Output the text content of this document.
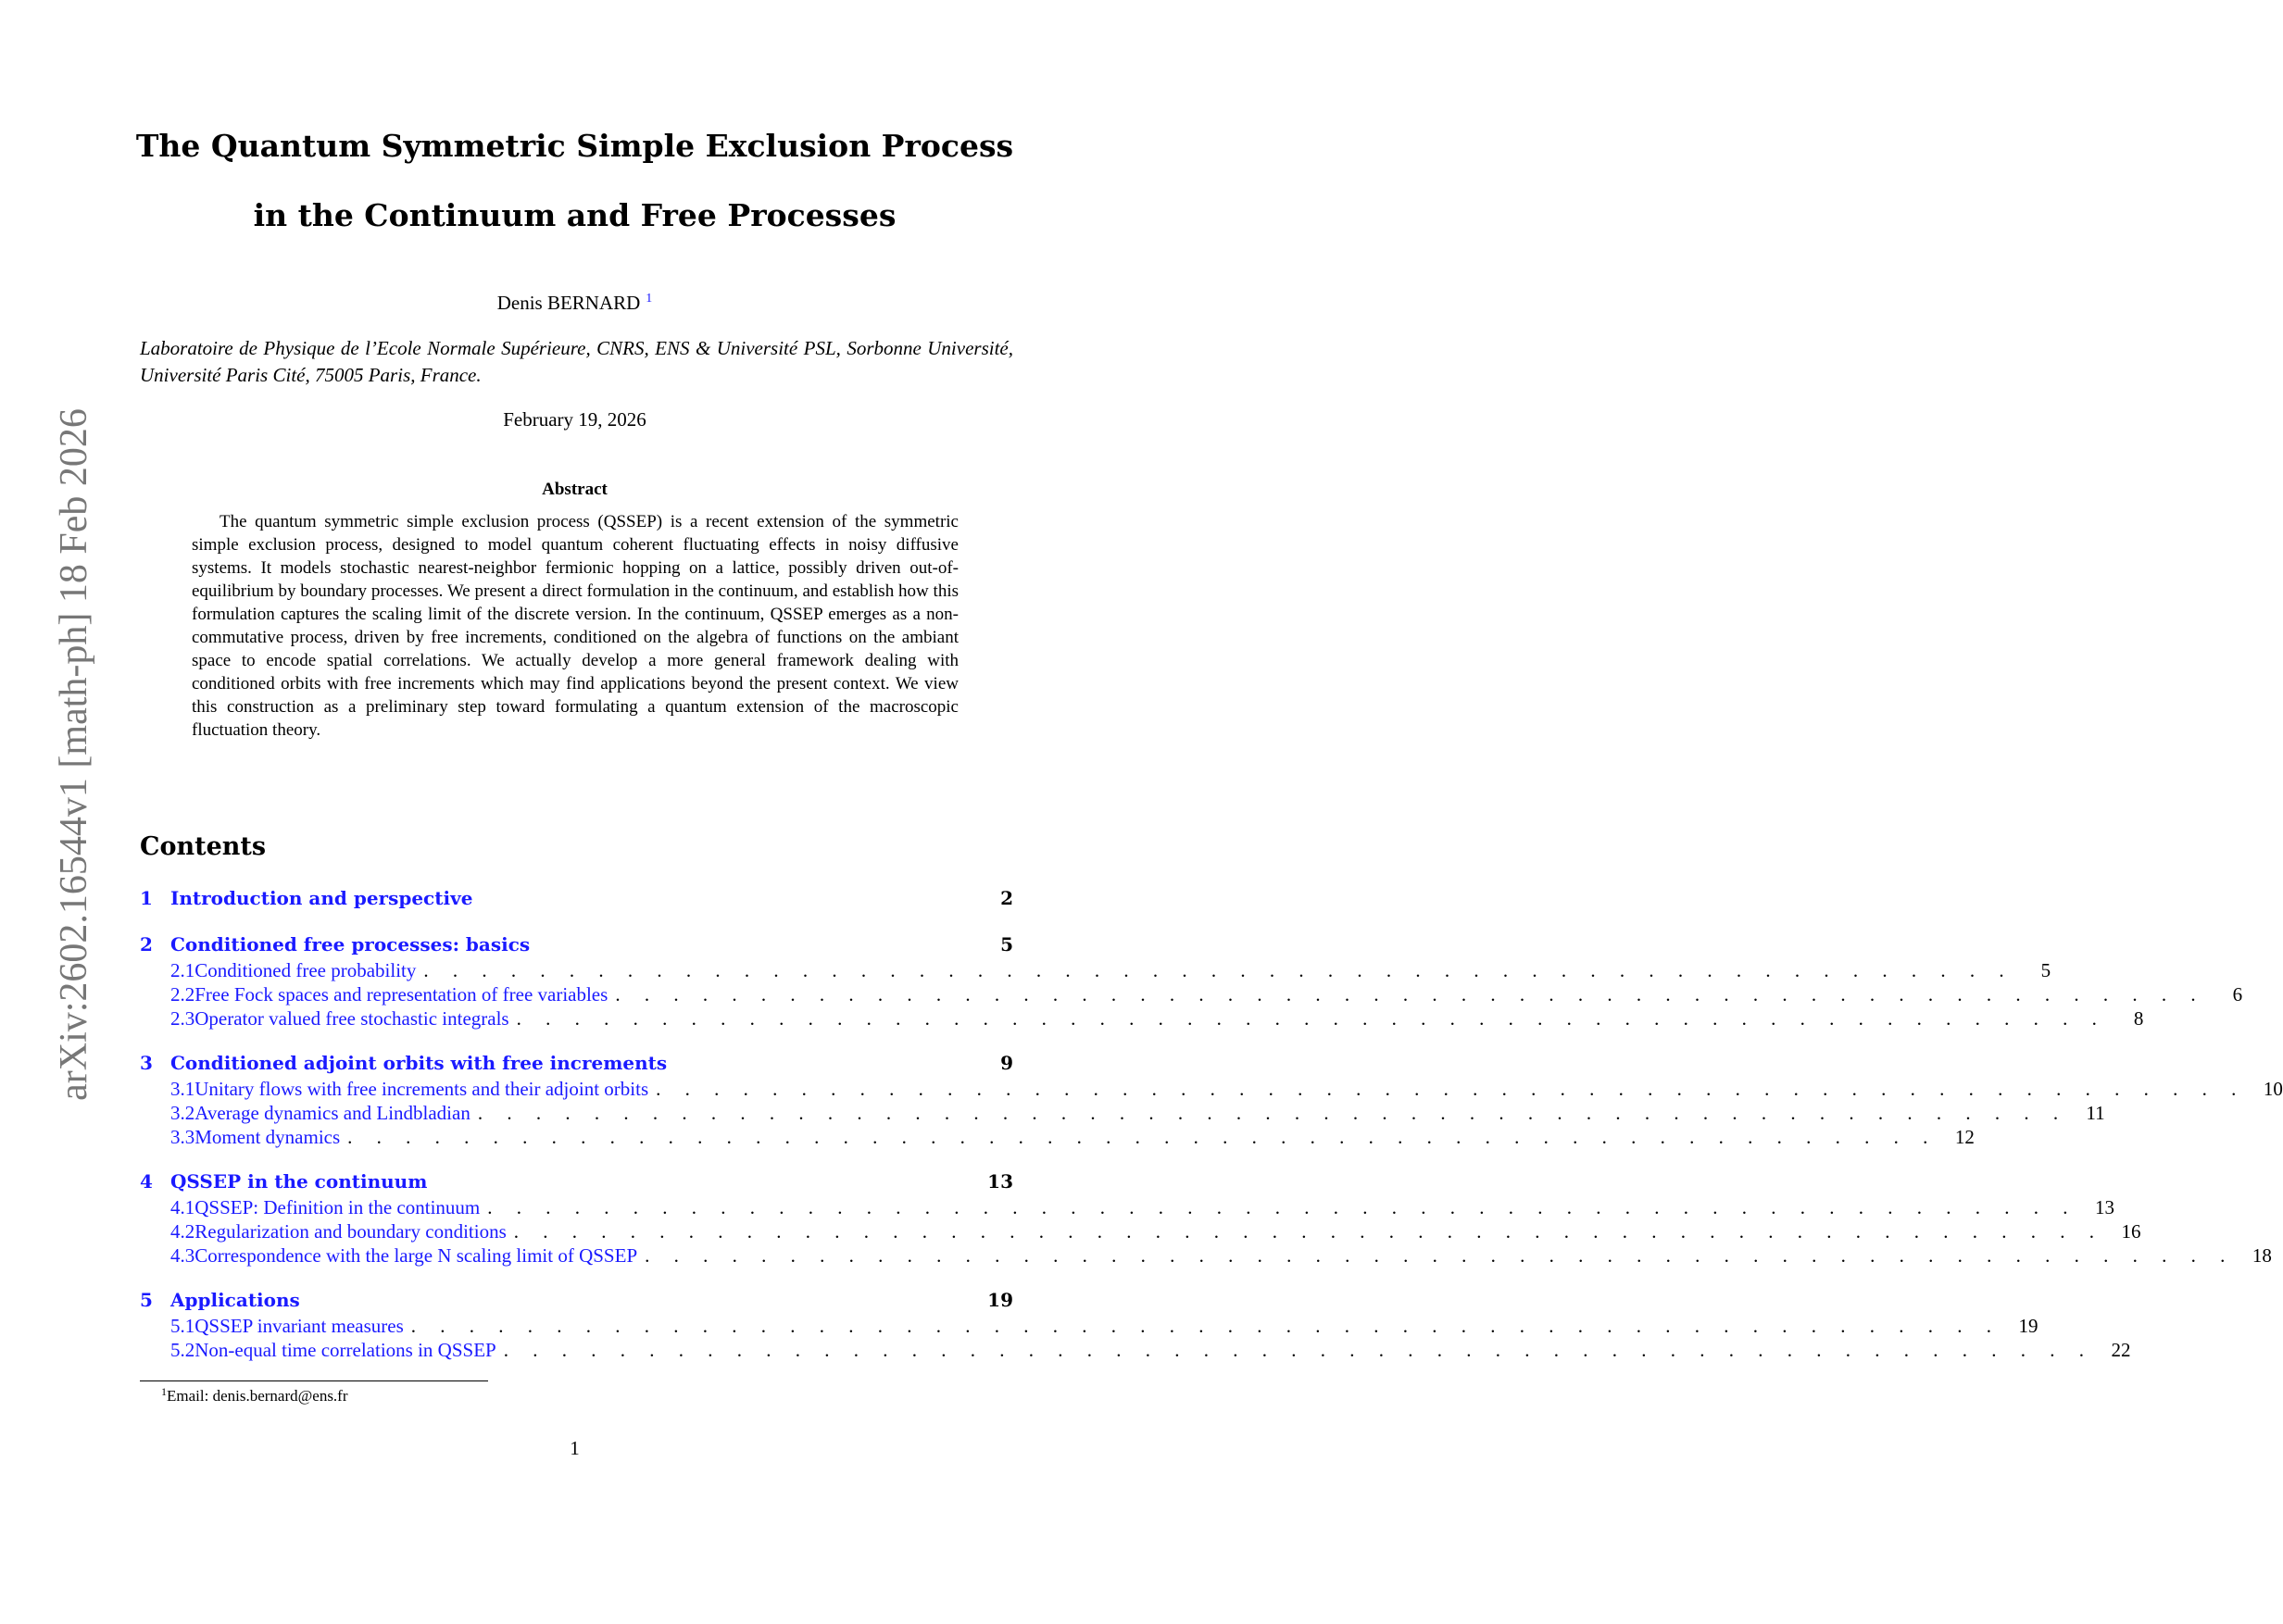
arXiv:2602.16544v1 [math-ph] 18 Feb 2026
The Quantum Symmetric Simple Exclusion Process
in the Continuum and Free Processes
Denis BERNARD $^1$
Laboratoire de Physique de l’Ecole Normale Supérieure, CNRS, ENS & Université PSL, Sorbonne Université, Université Paris Cité, 75005 Paris, France.
February 19, 2026
Abstract
The quantum symmetric simple exclusion process (QSSEP) is a recent extension of the symmetric simple exclusion process, designed to model quantum coherent fluctuating effects in noisy diffusive systems. It models stochastic nearest-neighbor fermionic hopping on a lattice, possibly driven out-of-equilibrium by boundary processes. We present a direct formulation in the continuum, and establish how this formulation captures the scaling limit of the discrete version. In the continuum, QSSEP emerges as a non-commutative process, driven by free increments, conditioned on the algebra of functions on the ambiant space to encode spatial correlations. We actually develop a more general framework dealing with conditioned orbits with free increments which may find applications beyond the present context. We view this construction as a preliminary step toward formulating a quantum extension of the macroscopic fluctuation theory.
Contents
1 Introduction and perspective	2
2 Conditioned free processes: basics	5
2.1 Conditioned free probability . . . . . . . . . . . . . . . . . . . . . . . . . . . . . . . . . . . . . . . . . . . . . . . . . . . . . . .	5
2.2 Free Fock spaces and representation of free variables . . . . . . . . . . . . . . . . . . . . . . . . . . . . . . . . . . . . . . . . . . . . . . . . . . . . . . .	6
2.3 Operator valued free stochastic integrals . . . . . . . . . . . . . . . . . . . . . . . . . . . . . . . . . . . . . . . . . . . . . . . . . . . . . . .	8
3 Conditioned adjoint orbits with free increments	9
3.1 Unitary flows with free increments and their adjoint orbits . . . . . . . . . . . . . . . . . . . . . . . . . . . . . . . . . . . . . . . . . . . . . . . . . . . . . . . 10
3.2 Average dynamics and Lindbladian . . . . . . . . . . . . . . . . . . . . . . . . . . . . . . . . . . . . . . . . . . . . . . . . . . . . . . . 11
3.3 Moment dynamics . . . . . . . . . . . . . . . . . . . . . . . . . . . . . . . . . . . . . . . . . . . . . . . . . . . . . . . 12
4 QSSEP in the continuum	13
4.1 QSSEP: Definition in the continuum . . . . . . . . . . . . . . . . . . . . . . . . . . . . . . . . . . . . . . . . . . . . . . . . . . . . . . . 13
4.2 Regularization and boundary conditions . . . . . . . . . . . . . . . . . . . . . . . . . . . . . . . . . . . . . . . . . . . . . . . . . . . . . . . 16
4.3 Correspondence with the large N scaling limit of QSSEP . . . . . . . . . . . . . . . . . . . . . . . . . . . . . . . . . . . . . . . . . . . . . . . . . . . . . . . 18
5 Applications	19
5.1 QSSEP invariant measures . . . . . . . . . . . . . . . . . . . . . . . . . . . . . . . . . . . . . . . . . . . . . . . . . . . . . . . 19
5.2 Non-equal time correlations in QSSEP . . . . . . . . . . . . . . . . . . . . . . . . . . . . . . . . . . . . . . . . . . . . . . . . . . . . . . . 22
$^1$Email: denis.bernard@ens.fr
1
